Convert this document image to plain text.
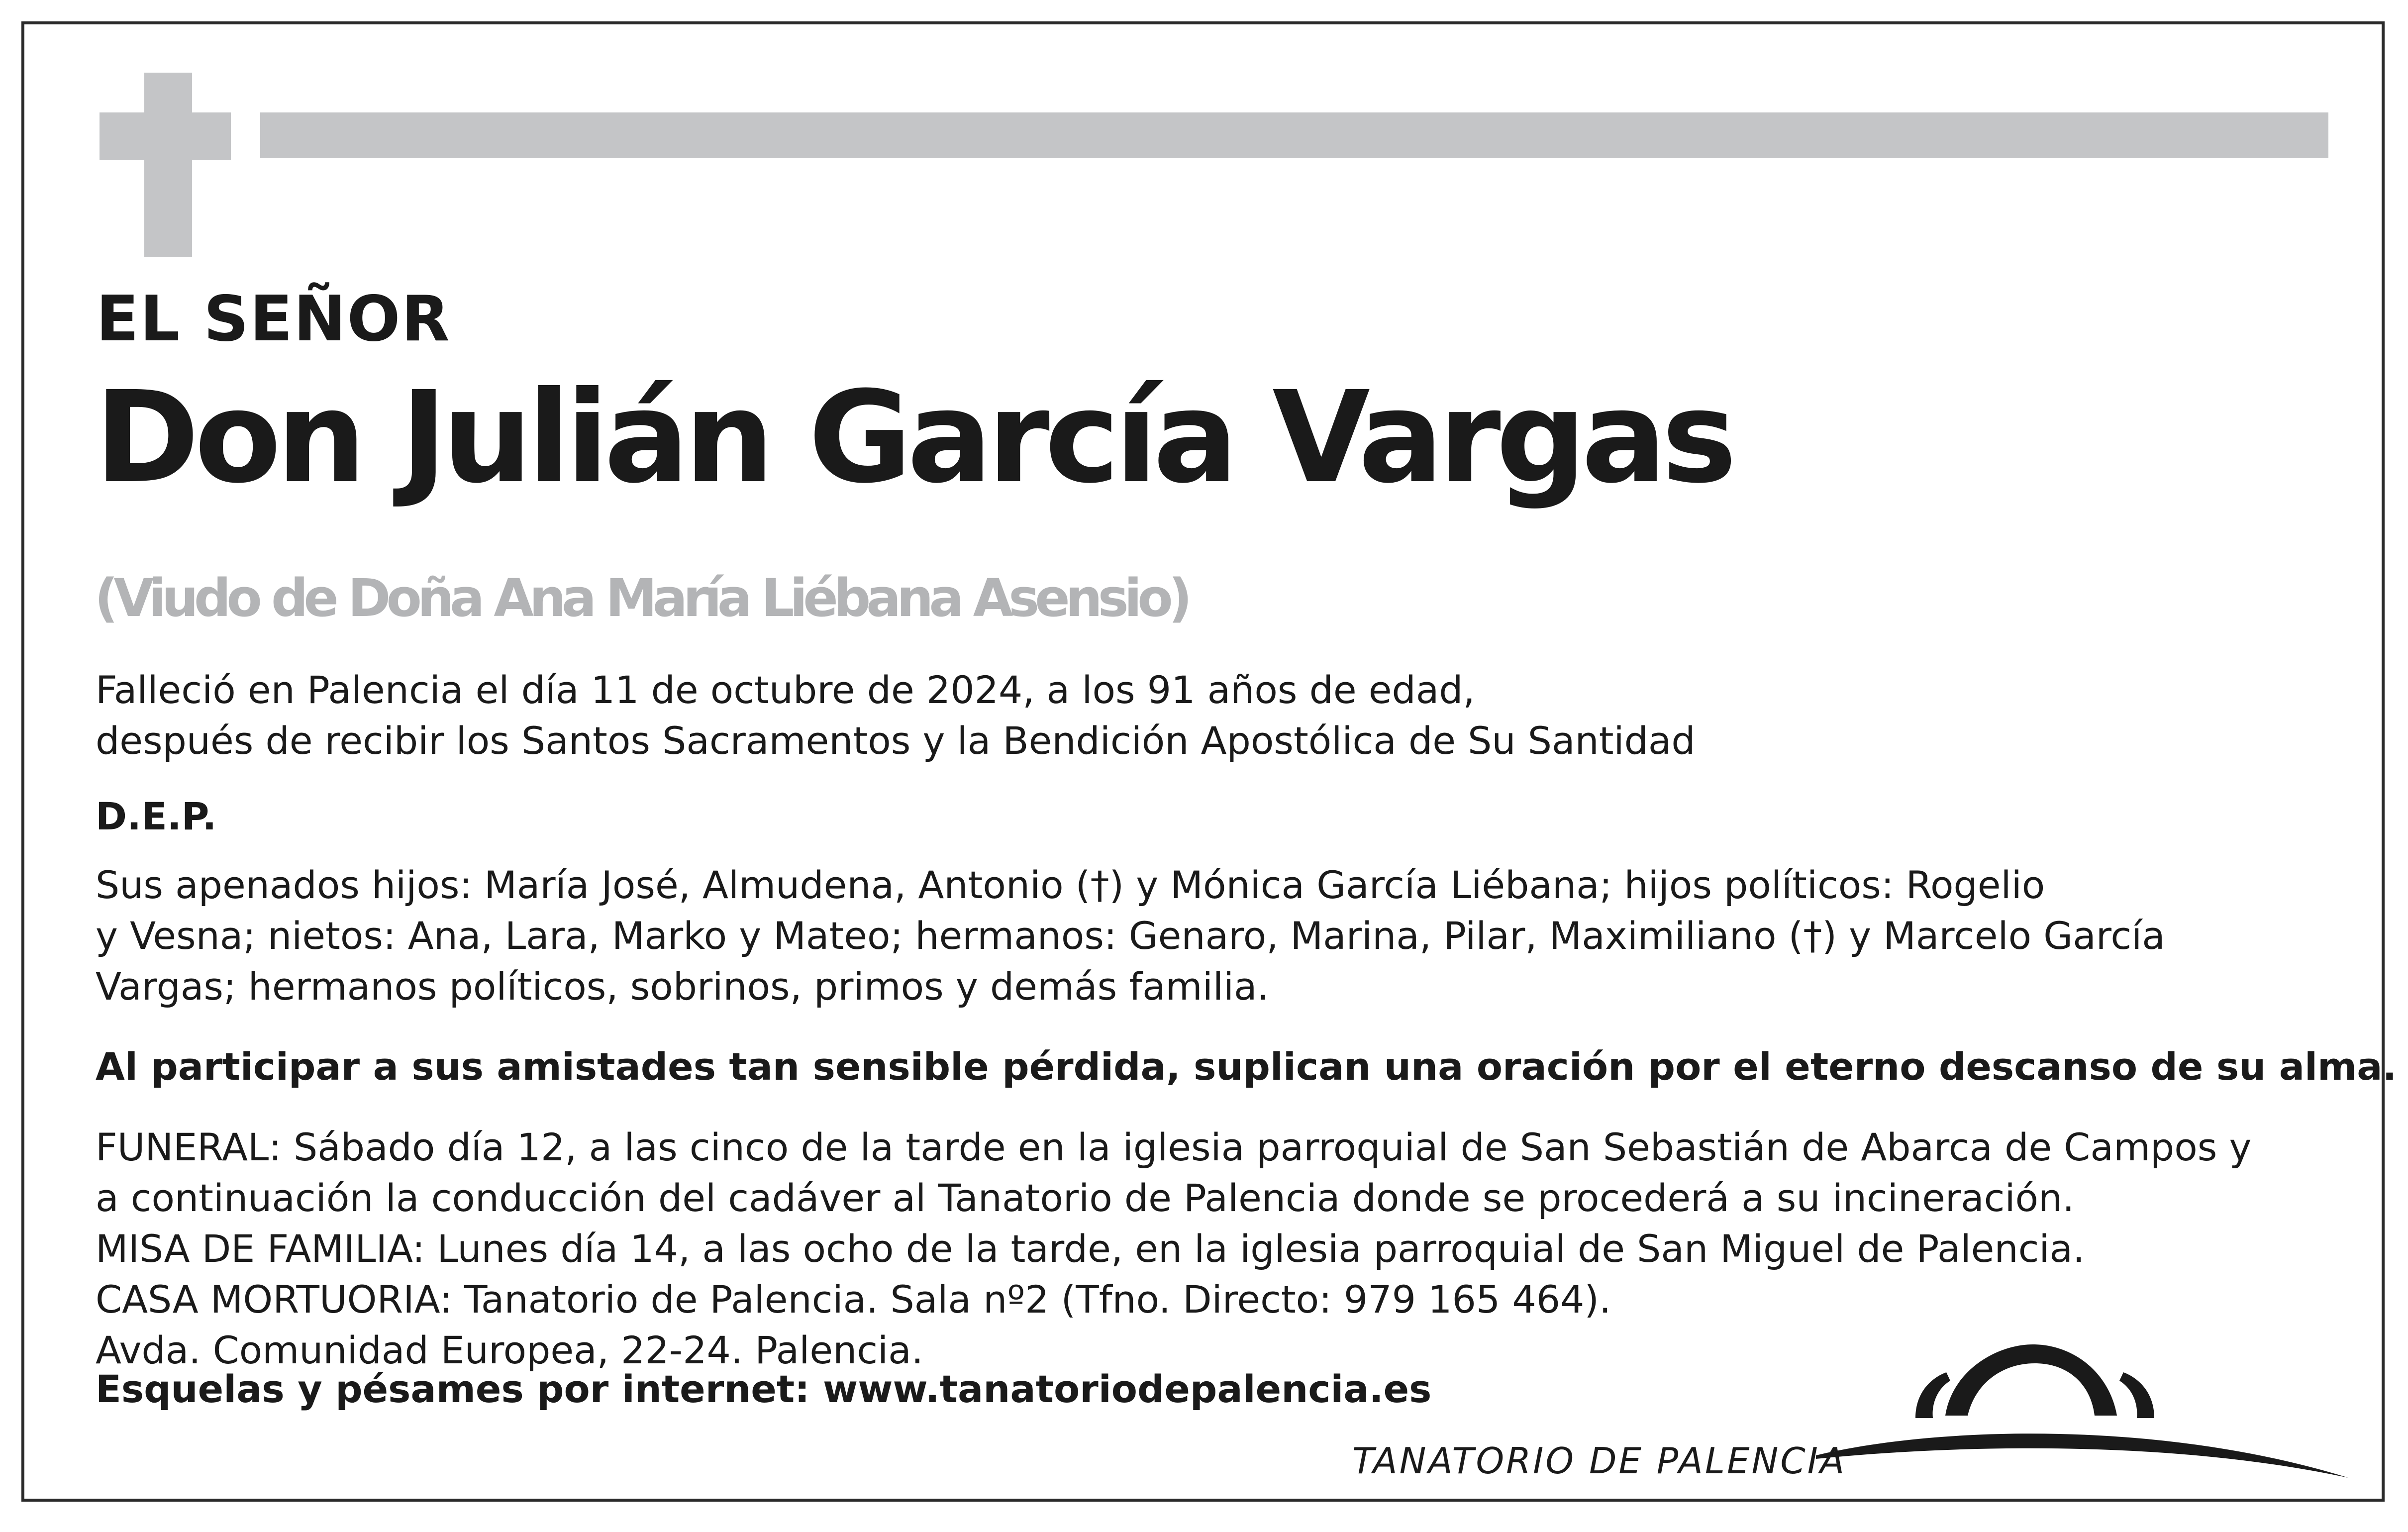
EL SEÑOR
Don Julián García Vargas
(Viudo de Doña Ana María Liébana Asensio)
Falleció en Palencia el día 11 de octubre de 2024, a los 91 años de edad,
después de recibir los Santos Sacramentos y la Bendición Apostólica de Su Santidad
D.E.P.
Sus apenados hijos: María José, Almudena, Antonio (†) y Mónica García Liébana; hijos políticos: Rogelio
y Vesna; nietos: Ana, Lara, Marko y Mateo; hermanos: Genaro, Marina, Pilar, Maximiliano (†) y Marcelo García
Vargas; hermanos políticos, sobrinos, primos y demás familia.
Al participar a sus amistades tan sensible pérdida, suplican una oración por el eterno descanso de su alma.
FUNERAL: Sábado día 12, a las cinco de la tarde en la iglesia parroquial de San Sebastián de Abarca de Campos y
a continuación la conducción del cadáver al Tanatorio de Palencia donde se procederá a su incineración.
MISA DE FAMILIA: Lunes día 14, a las ocho de la tarde, en la iglesia parroquial de San Miguel de Palencia.
CASA MORTUORIA: Tanatorio de Palencia. Sala nº2 (Tfno. Directo: 979 165 464).
Avda. Comunidad Europea, 22-24. Palencia.
Esquelas y pésames por internet: www.tanatoriodepalencia.es
TANATORIO DE PALENCIA
